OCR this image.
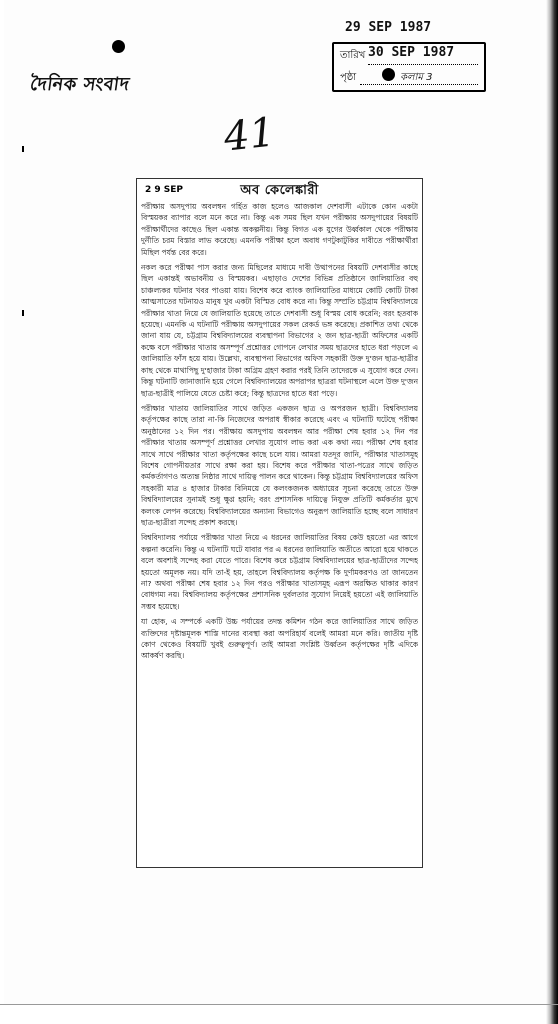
দৈনিক সংবাদ
29 SEP 1987
তারিখ 30 SEP 1987
পৃষ্ঠা	কলাম 3
41
2 9 SEP	অব কেলেঙ্কারী

পরীক্ষায় অসদুপায় অবলম্বন গর্হিত কাজ হলেও আজকাল দেশবাসী এটাকে কোন একটা বিস্ময়কর ব্যাপার বলে মনে করে না। কিন্তু এক সময় ছিল যখন পরীক্ষায় অসদুপায়ের বিষয়টি পরীক্ষার্থীদের কাছেও ছিল একান্ত অকল্পনীয়। কিন্তু বিগত এক যুগের উর্ধ্বকাল থেকে পরীক্ষায় দুর্নীতি চরম বিস্তার লাভ করেছে। এমনকি পরীক্ষা হলে অবাধ গণটুকাটুকির দাবীতে পরীক্ষার্থীরা মিছিল পর্যন্ত বের করে।

নকল করে পরীক্ষা পাস করার জন্য মিছিলের মাধ্যমে দাবী উত্থাপনের বিষয়টি দেশবাসীর কাছে ছিল একান্তই অভাবনীয় ও বিস্ময়কর। এছাড়াও দেশের বিভিন্ন প্রতিষ্ঠানে জালিয়াতির বহু চাঞ্চল্যকর ঘটনার খবর পাওয়া যায়। বিশেষ করে ব্যাংক জালিয়াতির মাধ্যমে কোটি কোটি টাকা আত্মসাতের ঘটনায়ও মানুষ খুব একটা বিস্মিত বোধ করে না। কিন্তু সম্প্রতি চট্টগ্রাম বিশ্ববিদ্যালয়ে পরীক্ষার খাতা নিয়ে যে জালিয়াতি হয়েছে তাতে দেশবাসী শুধু বিস্ময় বোধ করেনি; বরং হতবাক হয়েছে। এমনকি এ ঘটনাটি পরীক্ষায় অসদুপায়ের সকল রেকর্ড ভঙ্গ করেছে। প্রকাশিত তথ্য থেকে জানা যায় যে, চট্টগ্রাম বিশ্ববিদ্যালয়ের ব্যবস্থাপনা বিভাগের ২ জন ছাত্র-ছাত্রী অফিসের একটি কক্ষে বসে পরীক্ষার খাতায় অসম্পূর্ণ প্রশ্নোত্তর গোপনে লেখার সময় ছাত্রদের হাতে ধরা পড়লে এ জালিয়াতি ফাঁস হয়ে যায়। উল্লেখ্য, ব্যবস্থাপনা বিভাগের অফিস সহকারী উক্ত দু'জন ছাত্র-ছাত্রীর কাছ থেকে মাথাপিছু দু'হাজার টাকা অগ্রিম গ্রহণ করার পরই তিনি তাদেরকে এ সুযোগ করে দেন। কিন্তু ঘটনাটি জানাজানি হয়ে গেলে বিশ্ববিদ্যালয়ের অপরাপর ছাত্ররা ঘটনাস্থলে এলে উক্ত দু'জন ছাত্র-ছাত্রীই পালিয়ে যেতে চেষ্টা করে; কিন্তু ছাত্রদের হাতে ধরা পড়ে।

পরীক্ষার খাতায় জালিয়াতির সাথে জড়িত একজন ছাত্র ও অপরজন ছাত্রী। বিশ্ববিদ্যালয় কর্তৃপক্ষের কাছে তারা না-কি নিজেদের অপরাধ স্বীকার করেছে এবং এ ঘটনাটি ঘটেছে পরীক্ষা অনুষ্ঠানের ১২ দিন পর। পরীক্ষায় অসদুপায় অবলম্বন আর পরীক্ষা শেষ হবার ১২ দিন পর পরীক্ষার খাতায় অসম্পূর্ণ প্রশ্নোত্তর লেখার সুযোগ লাভ করা এক কথা নয়। পরীক্ষা শেষ হবার সাথে সাথে পরীক্ষার খাতা কর্তৃপক্ষের কাছে চলে যায়। আমরা যতদূর জানি, পরীক্ষার খাতাসমূহ বিশেষ গোপনীয়তার সাথে রক্ষা করা হয়। বিশেষ করে পরীক্ষার খাতা-পত্রের সাথে জড়িত কর্মকর্তাগণও অত্যন্ত নিষ্ঠার সাথে দায়িত্ব পালন করে থাকেন। কিন্তু চট্টগ্রাম বিশ্ববিদ্যালয়ের অফিস সহকারী মাত্র ৪ হাজার টাকার বিনিময়ে যে কলংকজনক অধ্যায়ের সূচনা করেছে তাতে উক্ত বিশ্ববিদ্যালয়ের সুনামই শুধু ক্ষুণ্ণ হয়নি; বরং প্রশাসনিক দায়িত্বে নিযুক্ত প্রতিটি কর্মকর্তার মুখে কলংক লেপন করেছে। বিশ্ববিদ্যালয়ের অন্যান্য বিভাগেও অনুরূপ জালিয়াতি হচ্ছে বলে সাধারণ ছাত্র-ছাত্রীরা সন্দেহ প্রকাশ করছে।

বিশ্ববিদ্যালয় পর্যায়ে পরীক্ষার খাতা নিয়ে এ ধরনের জালিয়াতির বিষয় কেউ হয়তো এর আগে কল্পনা করেনি। কিন্তু এ ঘটনাটি ঘটে যাবার পর এ ধরনের জালিয়াতি অতীতে আরো হয়ে থাকতে বলে অবশ্যই সন্দেহ করা যেতে পারে। বিশেষ করে চট্টগ্রাম বিশ্ববিদ্যালয়ের ছাত্র-ছাত্রীদের সন্দেহ হয়তো অমূলক নয়। যদি তা-ই হয়, তাহলে বিশ্ববিদ্যালয় কর্তৃপক্ষ কি দুর্ণামকরণও তা জানতেন না? অথবা পরীক্ষা শেষ হবার ১২ দিন পরও পরীক্ষার খাতাসমূহ এরূপ অরক্ষিত থাকার কারণ বোধগম্য নয়। বিশ্ববিদ্যালয় কর্তৃপক্ষের প্রশাসনিক দুর্বলতার সুযোগ নিয়েই হয়তো এই জালিয়াতি সম্ভব হয়েছে।

যা হোক, এ সম্পর্কে একটি উচ্চ পর্যায়ের তদন্ত কমিশন গঠন করে জালিয়াতির সাথে জড়িত ব্যক্তিদের দৃষ্টান্তমূলক শাস্তি দানের ব্যবস্থা করা অপরিহার্য বলেই আমরা মনে করি। জাতীয় দৃষ্টি কোণ থেকেও বিষয়টি খুবই গুরুত্বপূর্ণ। তাই আমরা সংশ্লিষ্ট উর্ধ্বতন কর্তৃপক্ষের দৃষ্টি এদিকে আকর্ষণ করছি।
